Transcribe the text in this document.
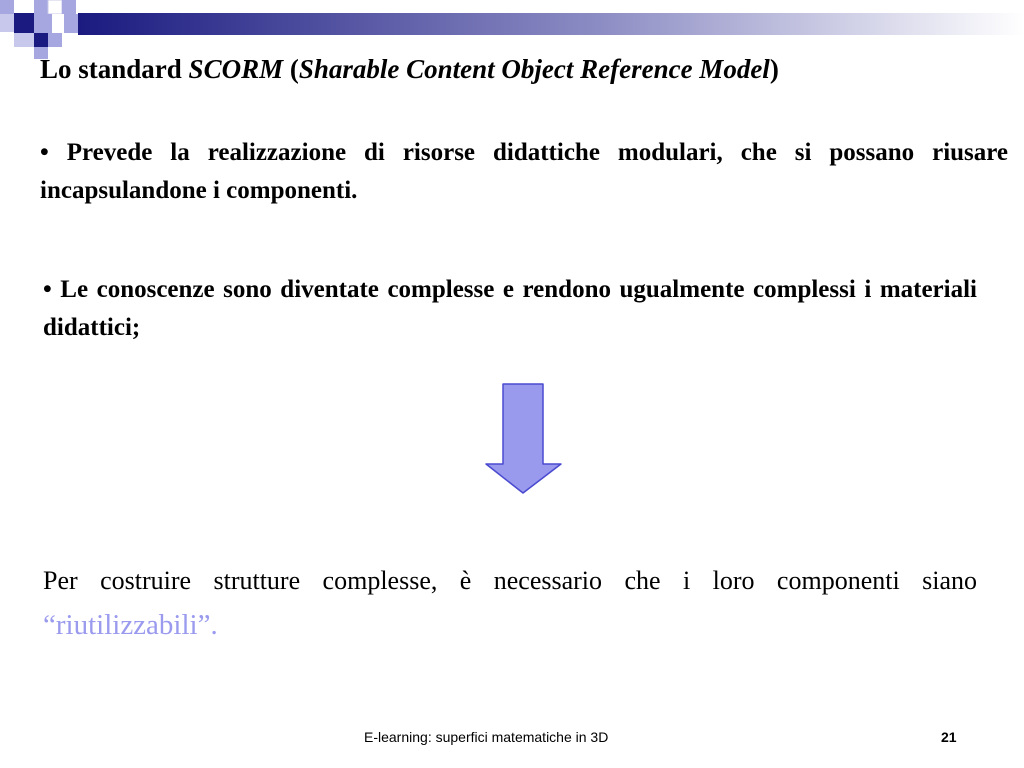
Lo standard SCORM (Sharable Content Object Reference Model)
• Prevede la realizzazione di risorse didattiche modulari, che si possano riusare incapsulandone i componenti.
• Le conoscenze sono diventate complesse e rendono ugualmente complessi i materiali didattici;
Per costruire strutture complesse, è necessario che i loro componenti siano “riutilizzabili”.
E-learning: superfici matematiche in 3D	21
